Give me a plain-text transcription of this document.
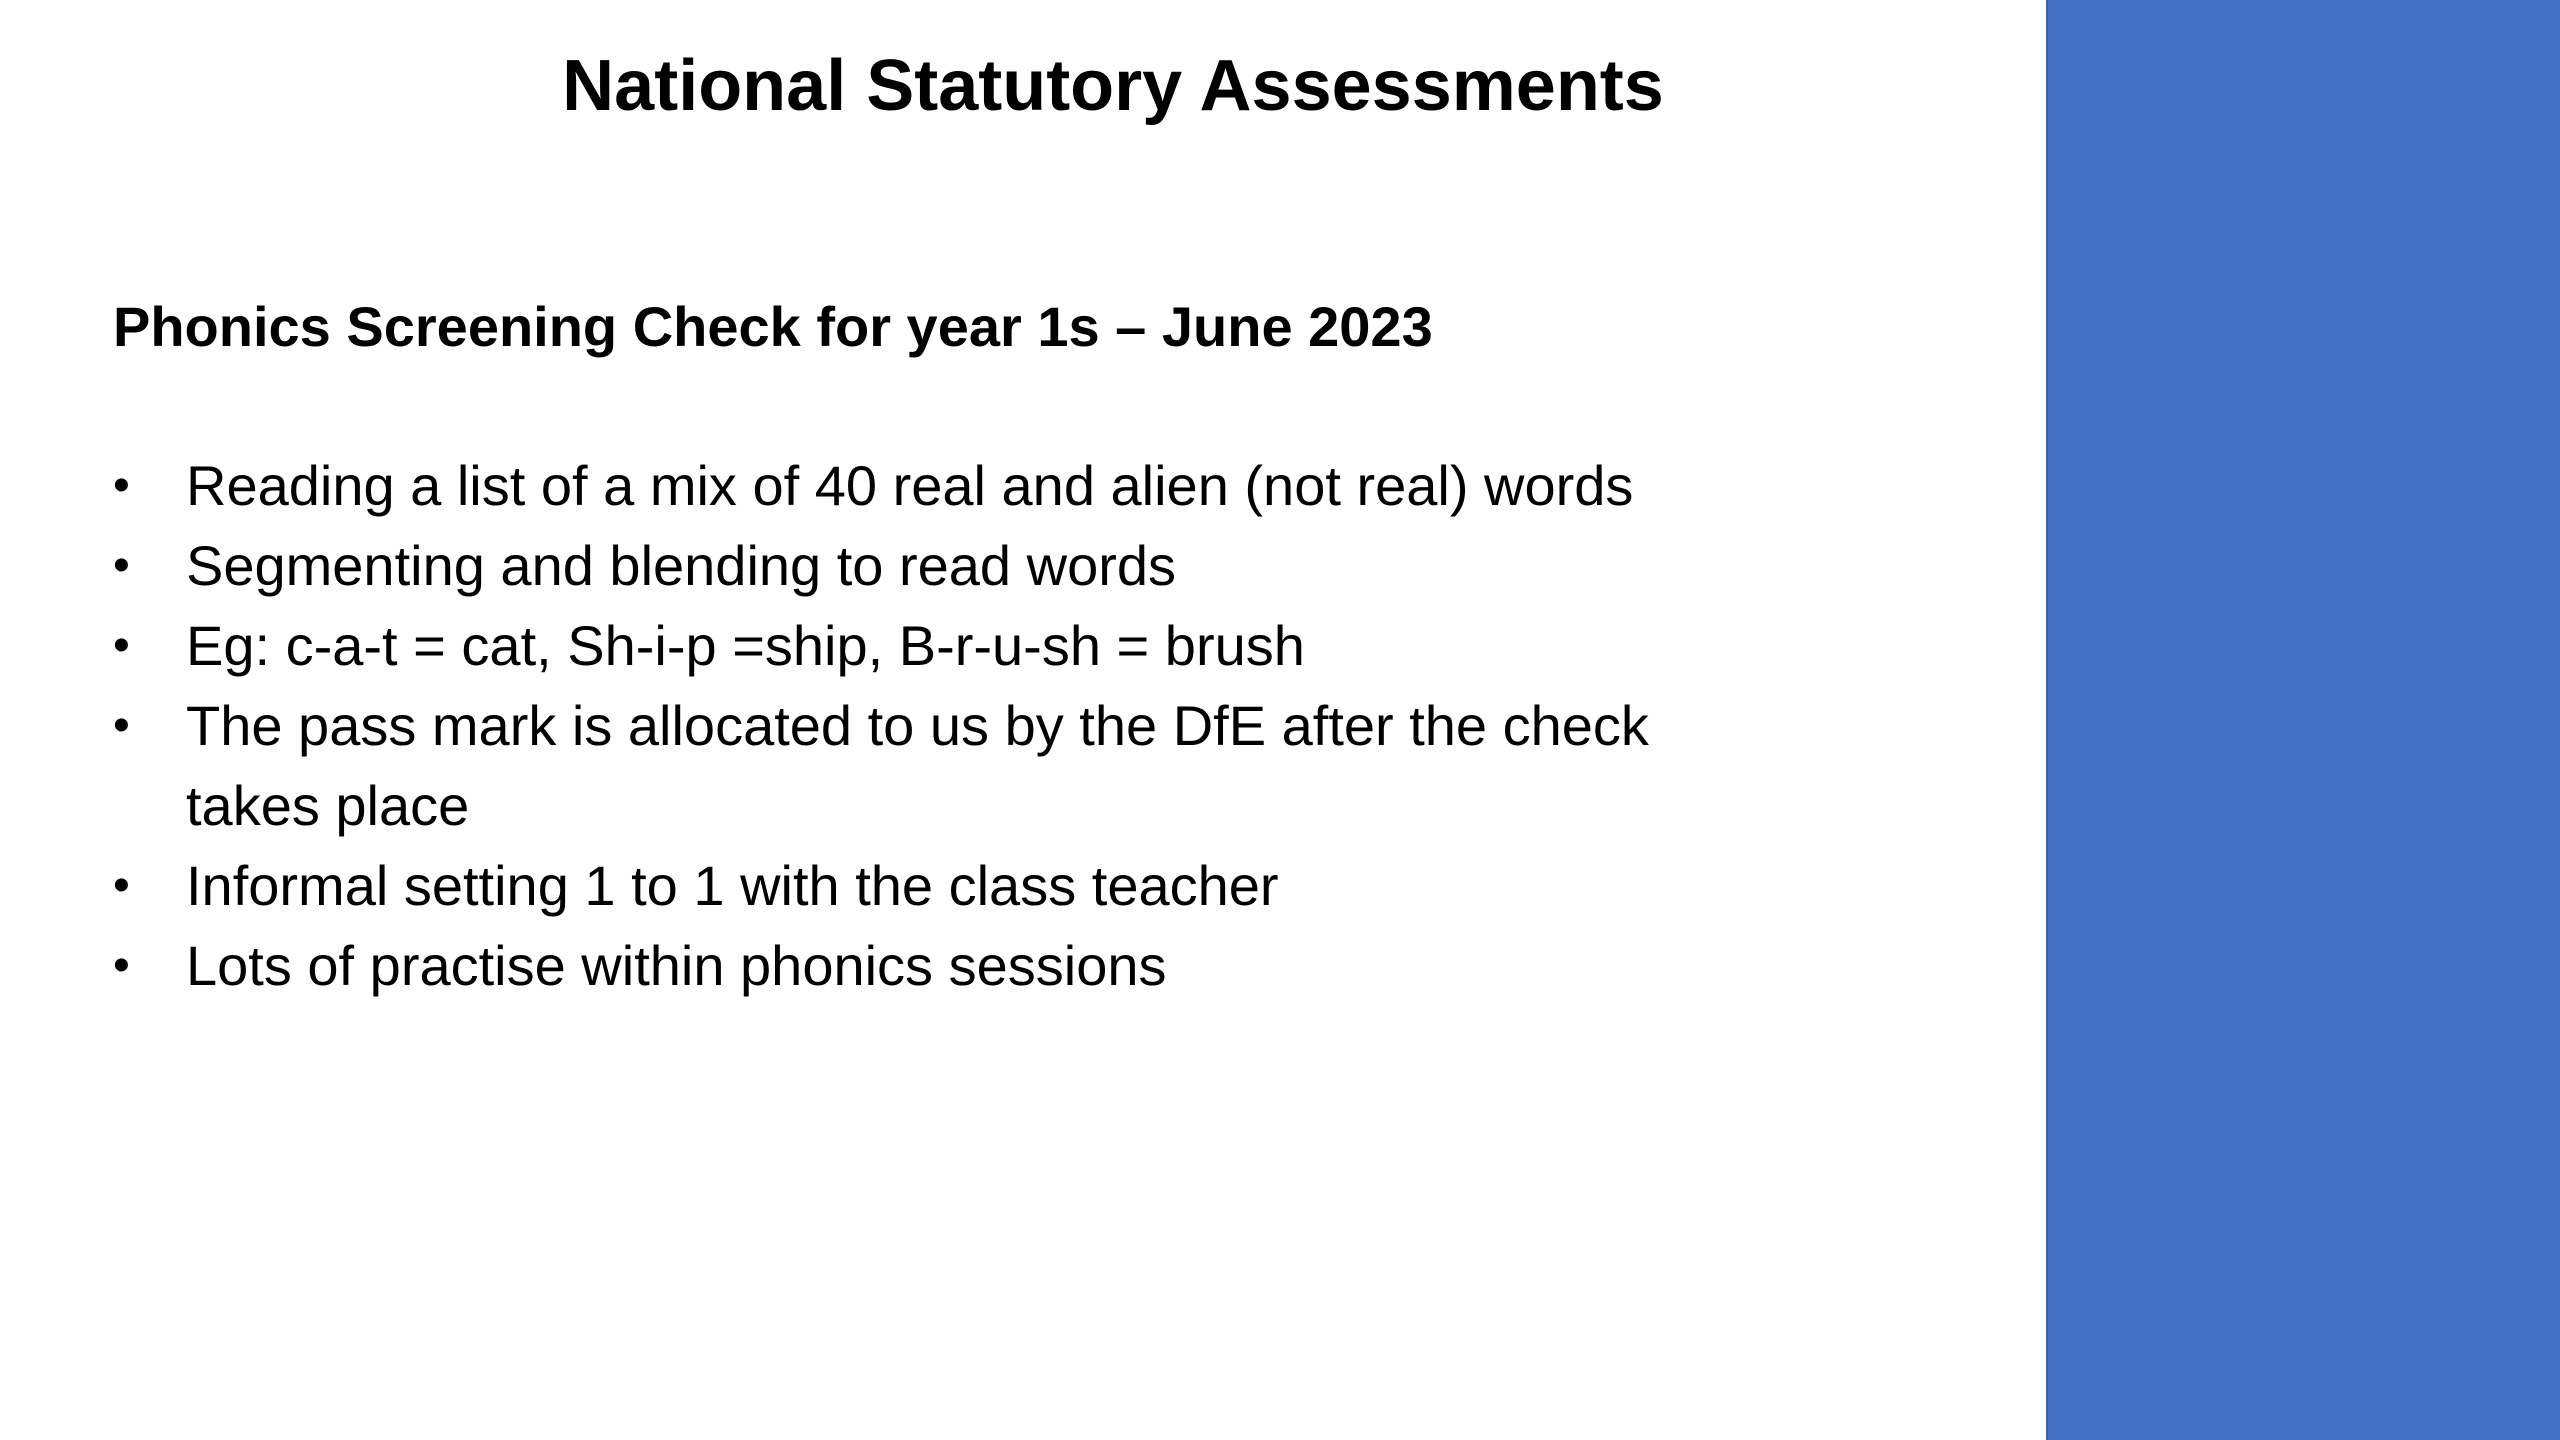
National Statutory Assessments
Phonics Screening Check for year 1s – June 2023
• Reading a list of a mix of 40 real and alien (not real) words
• Segmenting and blending to read words
• Eg: c-a-t = cat, Sh-i-p =ship, B-r-u-sh = brush
• The pass mark is allocated to us by the DfE after the check takes place
• Informal setting 1 to 1 with the class teacher
• Lots of practise within phonics sessions
